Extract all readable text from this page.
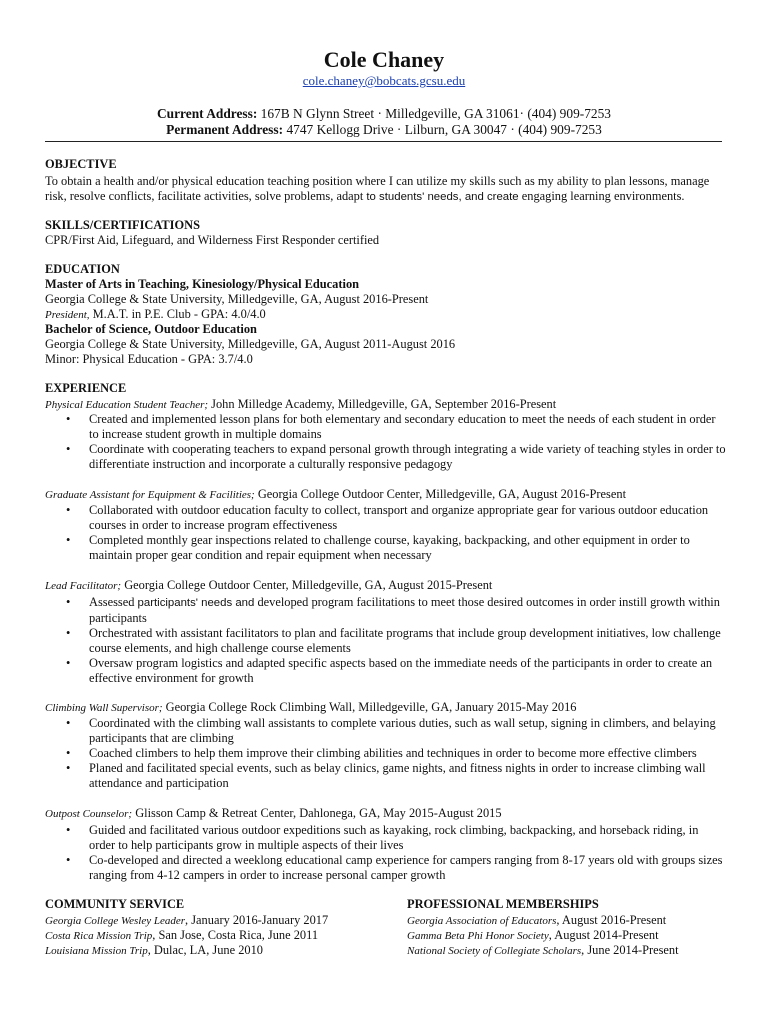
Cole Chaney
cole.chaney@bobcats.gcsu.edu
Current Address: 167B N Glynn Street · Milledgeville, GA 31061· (404) 909-7253
Permanent Address: 4747 Kellogg Drive · Lilburn, GA 30047 · (404) 909-7253
OBJECTIVE
To obtain a health and/or physical education teaching position where I can utilize my skills such as my ability to plan lessons, manage
risk, resolve conflicts, facilitate activities, solve problems, adapt to students' needs, and create engaging learning environments.
SKILLS/CERTIFICATIONS
CPR/First Aid, Lifeguard, and Wilderness First Responder certified
EDUCATION
Master of Arts in Teaching, Kinesiology/Physical Education
Georgia College & State University, Milledgeville, GA, August 2016-Present
President, M.A.T. in P.E. Club - GPA: 4.0/4.0
Bachelor of Science, Outdoor Education
Georgia College & State University, Milledgeville, GA, August 2011-August 2016
Minor: Physical Education - GPA: 3.7/4.0
EXPERIENCE
Physical Education Student Teacher; John Milledge Academy, Milledgeville, GA, September 2016-Present
• Created and implemented lesson plans for both elementary and secondary education to meet the needs of each student in order to increase student growth in multiple domains
• Coordinate with cooperating teachers to expand personal growth through integrating a wide variety of teaching styles in order to differentiate instruction and incorporate a culturally responsive pedagogy
Graduate Assistant for Equipment & Facilities; Georgia College Outdoor Center, Milledgeville, GA, August 2016-Present
• Collaborated with outdoor education faculty to collect, transport and organize appropriate gear for various outdoor education courses in order to increase program effectiveness
• Completed monthly gear inspections related to challenge course, kayaking, backpacking, and other equipment in order to maintain proper gear condition and repair equipment when necessary
Lead Facilitator; Georgia College Outdoor Center, Milledgeville, GA, August 2015-Present
• Assessed participants' needs and developed program facilitations to meet those desired outcomes in order instill growth within participants
• Orchestrated with assistant facilitators to plan and facilitate programs that include group development initiatives, low challenge course elements, and high challenge course elements
• Oversaw program logistics and adapted specific aspects based on the immediate needs of the participants in order to create an effective environment for growth
Climbing Wall Supervisor; Georgia College Rock Climbing Wall, Milledgeville, GA, January 2015-May 2016
• Coordinated with the climbing wall assistants to complete various duties, such as wall setup, signing in climbers, and belaying participants that are climbing
• Coached climbers to help them improve their climbing abilities and techniques in order to become more effective climbers
• Planed and facilitated special events, such as belay clinics, game nights, and fitness nights in order to increase climbing wall attendance and participation
Outpost Counselor; Glisson Camp & Retreat Center, Dahlonega, GA, May 2015-August 2015
• Guided and facilitated various outdoor expeditions such as kayaking, rock climbing, backpacking, and horseback riding, in order to help participants grow in multiple aspects of their lives
• Co-developed and directed a weeklong educational camp experience for campers ranging from 8-17 years old with groups sizes ranging from 4-12 campers in order to increase personal camper growth
COMMUNITY SERVICE
Georgia College Wesley Leader, January 2016-January 2017
Costa Rica Mission Trip, San Jose, Costa Rica, June 2011
Louisiana Mission Trip, Dulac, LA, June 2010
PROFESSIONAL MEMBERSHIPS
Georgia Association of Educators, August 2016-Present
Gamma Beta Phi Honor Society, August 2014-Present
National Society of Collegiate Scholars, June 2014-Present
